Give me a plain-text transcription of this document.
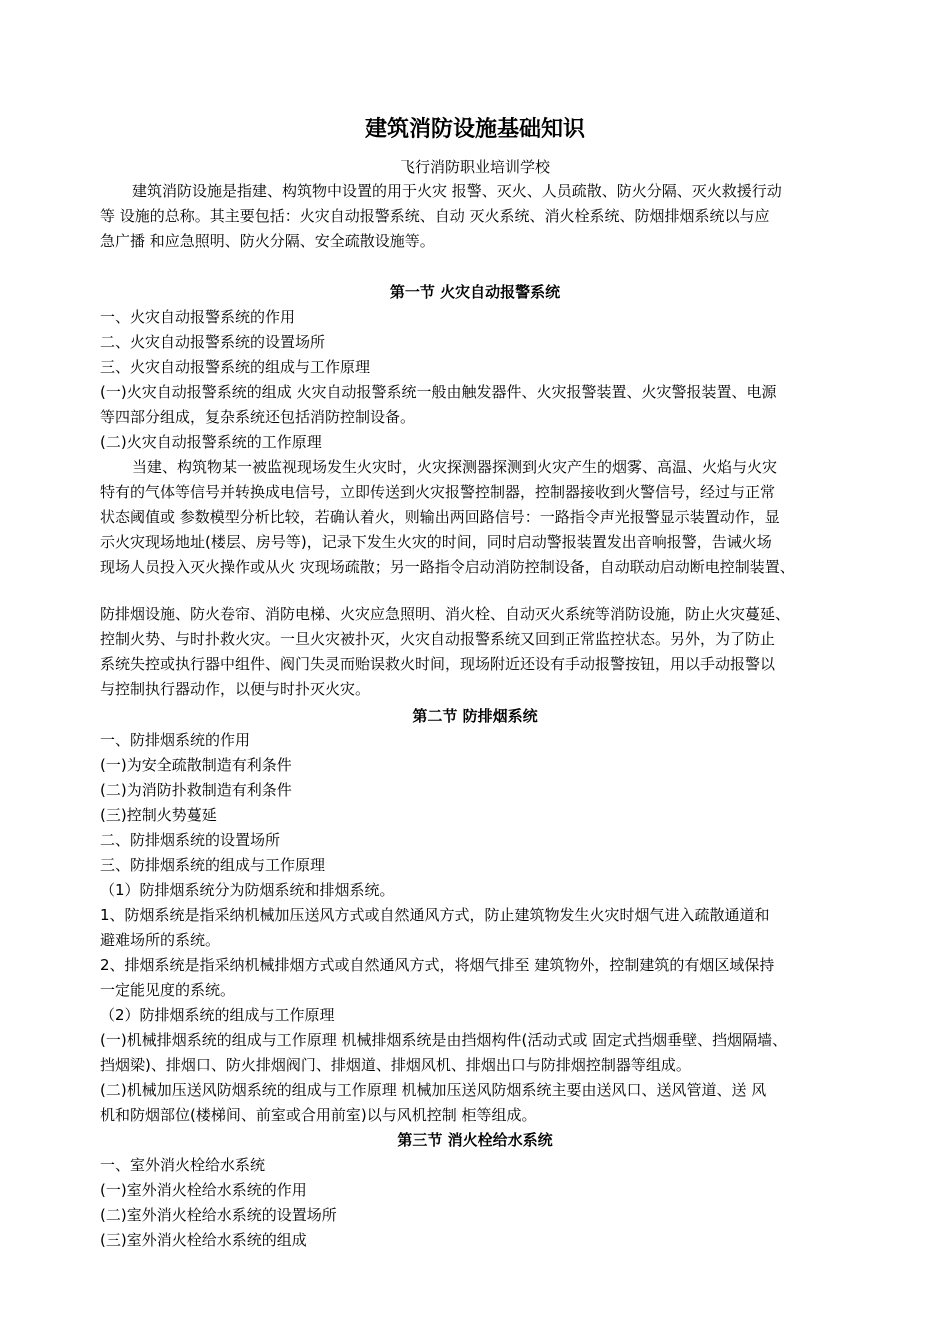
建筑消防设施基础知识

飞行消防职业培训学校

建筑消防设施是指建、构筑物中设置的用于火灾 报警、灭火、人员疏散、防火分隔、灭火救援行动

等 设施的总称。其主要包括：火灾自动报警系统、自动 灭火系统、消火栓系统、防烟排烟系统以与应

急广播 和应急照明、防火分隔、安全疏散设施等。

第一节 火灾自动报警系统

一、火灾自动报警系统的作用

二、火灾自动报警系统的设置场所

三、火灾自动报警系统的组成与工作原理

(一)火灾自动报警系统的组成 火灾自动报警系统一般由触发器件、火灾报警装置、火灾警报装置、电源

等四部分组成，复杂系统还包括消防控制设备。

(二)火灾自动报警系统的工作原理

当建、构筑物某一被监视现场发生火灾时，火灾探测器探测到火灾产生的烟雾、高温、火焰与火灾

特有的气体等信号并转换成电信号，立即传送到火灾报警控制器，控制器接收到火警信号，经过与正常

状态阈值或 参数模型分析比较，若确认着火，则输出两回路信号：一路指令声光报警显示装置动作，显

示火灾现场地址(楼层、房号等)，记录下发生火灾的时间，同时启动警报装置发出音响报警，告诫火场

现场人员投入灭火操作或从火 灾现场疏散；另一路指令启动消防控制设备，自动联动启动断电控制装置、

防排烟设施、防火卷帘、消防电梯、火灾应急照明、消火栓、自动灭火系统等消防设施，防止火灾蔓延、

控制火势、与时扑救火灾。一旦火灾被扑灭，火灾自动报警系统又回到正常监控状态。另外，为了防止

系统失控或执行器中组件、阀门失灵而贻误救火时间，现场附近还设有手动报警按钮，用以手动报警以

与控制执行器动作，以便与时扑灭火灾。

第二节 防排烟系统

一、防排烟系统的作用

(一)为安全疏散制造有利条件

(二)为消防扑救制造有利条件

(三)控制火势蔓延

二、防排烟系统的设置场所

三、防排烟系统的组成与工作原理

（1）防排烟系统分为防烟系统和排烟系统。

1、防烟系统是指采纳机械加压送风方式或自然通风方式，防止建筑物发生火灾时烟气进入疏散通道和

避难场所的系统。

2、排烟系统是指采纳机械排烟方式或自然通风方式，将烟气排至 建筑物外，控制建筑的有烟区域保持

一定能见度的系统。

（2）防排烟系统的组成与工作原理

(一)机械排烟系统的组成与工作原理 机械排烟系统是由挡烟构件(活动式或 固定式挡烟垂壁、挡烟隔墙、

挡烟梁)、排烟口、防火排烟阀门、排烟道、排烟风机、排烟出口与防排烟控制器等组成。

(二)机械加压送风防烟系统的组成与工作原理 机械加压送风防烟系统主要由送风口、送风管道、送 风

机和防烟部位(楼梯间、前室或合用前室)以与风机控制 柜等组成。

第三节 消火栓给水系统

一、室外消火栓给水系统

(一)室外消火栓给水系统的作用

(二)室外消火栓给水系统的设置场所

(三)室外消火栓给水系统的组成
